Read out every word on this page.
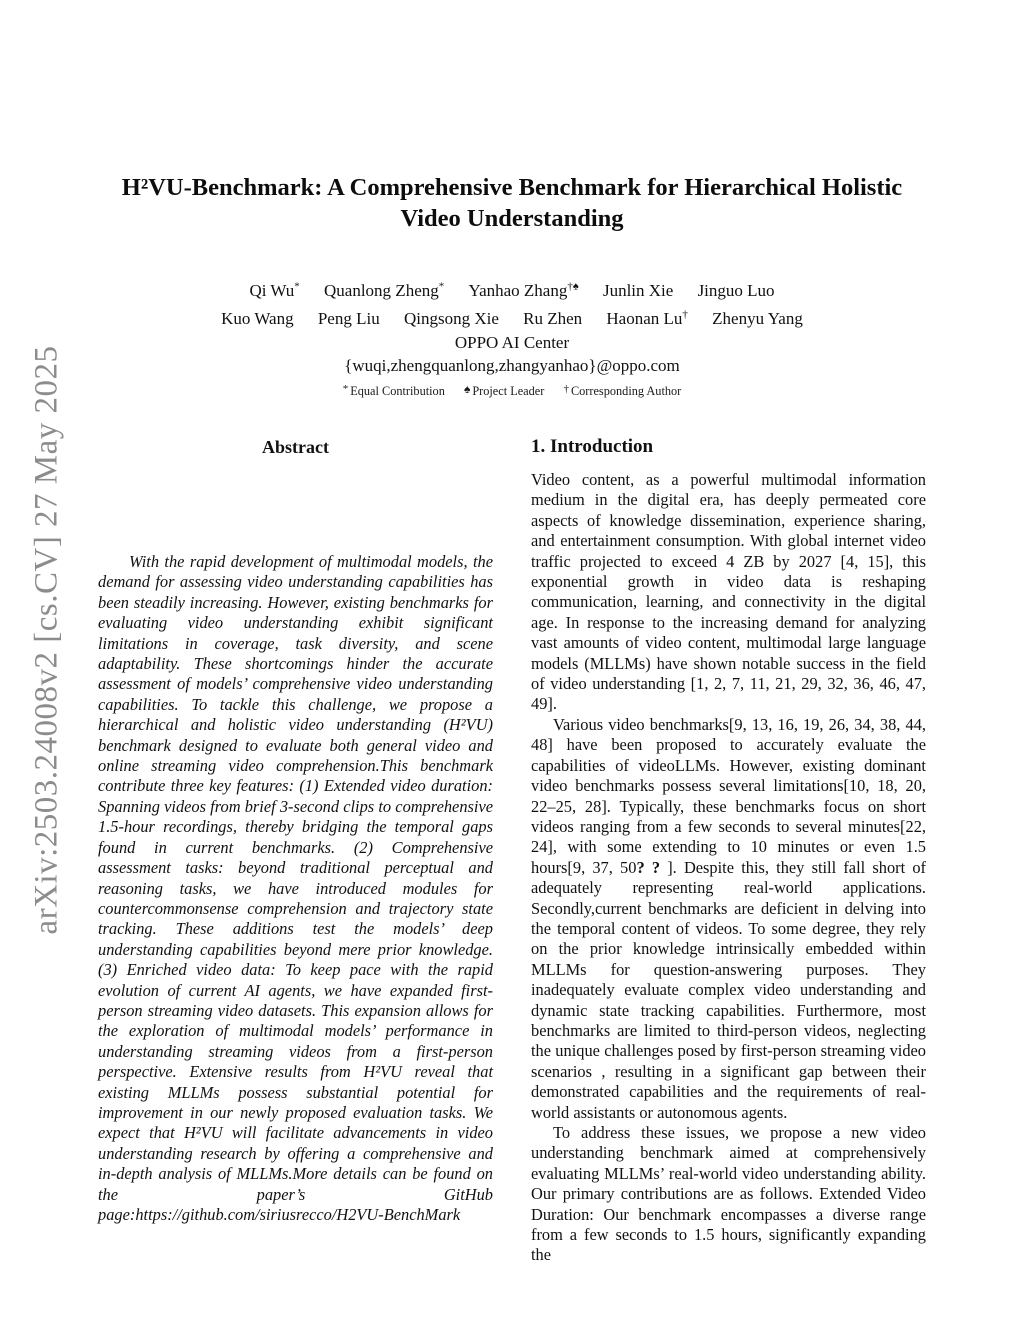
arXiv:2503.24008v2 [cs.CV] 27 May 2025
H²VU-Benchmark: A Comprehensive Benchmark for Hierarchical Holistic
Video Understanding
Qi Wu* Quanlong Zheng* Yanhao Zhang†♠ Junlin Xie Jinguo Luo
Kuo Wang Peng Liu Qingsong Xie Ru Zhen Haonan Lu† Zhenyu Yang
OPPO AI Center
{wuqi,zhengquanlong,zhangyanhao}@oppo.com
* Equal Contribution ♠ Project Leader † Corresponding Author
Abstract

With the rapid development of multimodal models, the demand for assessing video understanding capabilities has been steadily increasing. However, existing benchmarks for evaluating video understanding exhibit significant limitations in coverage, task diversity, and scene adaptability. These shortcomings hinder the accurate assessment of models’ comprehensive video understanding capabilities. To tackle this challenge, we propose a hierarchical and holistic video understanding (H²VU) benchmark designed to evaluate both general video and online streaming video comprehension.This benchmark contribute three key features: (1) Extended video duration: Spanning videos from brief 3-second clips to comprehensive 1.5-hour recordings, thereby bridging the temporal gaps found in current benchmarks. (2) Comprehensive assessment tasks: beyond traditional perceptual and reasoning tasks, we have introduced modules for countercommonsense comprehension and trajectory state tracking. These additions test the models’ deep understanding capabilities beyond mere prior knowledge. (3) Enriched video data: To keep pace with the rapid evolution of current AI agents, we have expanded first-person streaming video datasets. This expansion allows for the exploration of multimodal models’ performance in understanding streaming videos from a first-person perspective. Extensive results from H²VU reveal that existing MLLMs possess substantial potential for improvement in our newly proposed evaluation tasks. We expect that H²VU will facilitate advancements in video understanding research by offering a comprehensive and in-depth analysis of MLLMs.More details can be found on the paper’s GitHub page:https://github.com/siriusrecco/H2VU-BenchMark

1. Introduction

Video content, as a powerful multimodal information medium in the digital era, has deeply permeated core aspects of knowledge dissemination, experience sharing, and entertainment consumption. With global internet video traffic projected to exceed 4 ZB by 2027 [4, 15], this exponential growth in video data is reshaping communication, learning, and connectivity in the digital age. In response to the increasing demand for analyzing vast amounts of video content, multimodal large language models (MLLMs) have shown notable success in the field of video understanding [1, 2, 7, 11, 21, 29, 32, 36, 46, 47, 49].

Various video benchmarks[9, 13, 16, 19, 26, 34, 38, 44, 48] have been proposed to accurately evaluate the capabilities of videoLLMs. However, existing dominant video benchmarks possess several limitations[10, 18, 20, 22–25, 28]. Typically, these benchmarks focus on short videos ranging from a few seconds to several minutes[22, 24], with some extending to 10 minutes or even 1.5 hours[9, 37, 50? ? ]. Despite this, they still fall short of adequately representing real-world applications. Secondly,current benchmarks are deficient in delving into the temporal content of videos. To some degree, they rely on the prior knowledge intrinsically embedded within MLLMs for question-answering purposes. They inadequately evaluate complex video understanding and dynamic state tracking capabilities. Furthermore, most benchmarks are limited to third-person videos, neglecting the unique challenges posed by first-person streaming video scenarios , resulting in a significant gap between their demonstrated capabilities and the requirements of real-world assistants or autonomous agents.

To address these issues, we propose a new video understanding benchmark aimed at comprehensively evaluating MLLMs’ real-world video understanding ability. Our primary contributions are as follows. Extended Video Duration: Our benchmark encompasses a diverse range from a few seconds to 1.5 hours, significantly expanding the
